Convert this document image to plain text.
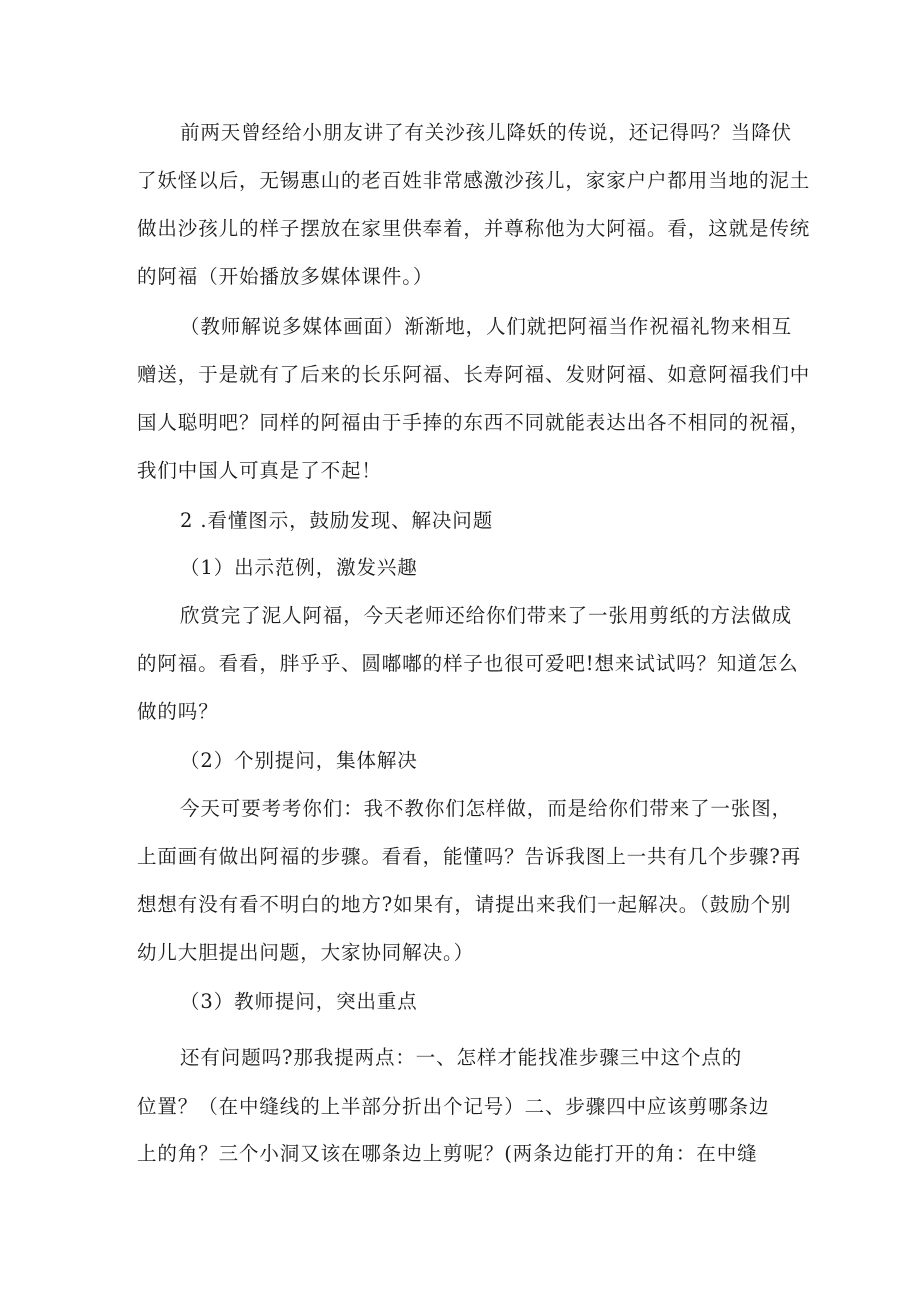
前两天曾经给小朋友讲了有关沙孩儿降妖的传说，还记得吗？当降伏
了妖怪以后，无锡惠山的老百姓非常感激沙孩儿，家家户户都用当地的泥土
做出沙孩儿的样子摆放在家里供奉着，并尊称他为大阿福。看，这就是传统
的阿福（开始播放多媒体课件。）
（教师解说多媒体画面）渐渐地，人们就把阿福当作祝福礼物来相互
赠送，于是就有了后来的长乐阿福、长寿阿福、发财阿福、如意阿福我们中
国人聪明吧？同样的阿福由于手捧的东西不同就能表达出各不相同的祝福，
我们中国人可真是了不起！
2 .看懂图示，鼓励发现、解决问题
（1）出示范例，激发兴趣
欣赏完了泥人阿福，今天老师还给你们带来了一张用剪纸的方法做成
的阿福。看看，胖乎乎、圆嘟嘟的样子也很可爱吧!想来试试吗？知道怎么
做的吗？
（2）个别提问，集体解决
今天可要考考你们：我不教你们怎样做，而是给你们带来了一张图，
上面画有做出阿福的步骤。看看，能懂吗？告诉我图上一共有几个步骤?再
想想有没有看不明白的地方?如果有，请提出来我们一起解决。（鼓励个别
幼儿大胆提出问题，大家协同解决。）
（3）教师提问，突出重点
还有问题吗?那我提两点：一、怎样才能找准步骤三中这个点的
位置？（在中缝线的上半部分折出个记号）二、步骤四中应该剪哪条边
上的角？三个小洞又该在哪条边上剪呢？(两条边能打开的角：在中缝
